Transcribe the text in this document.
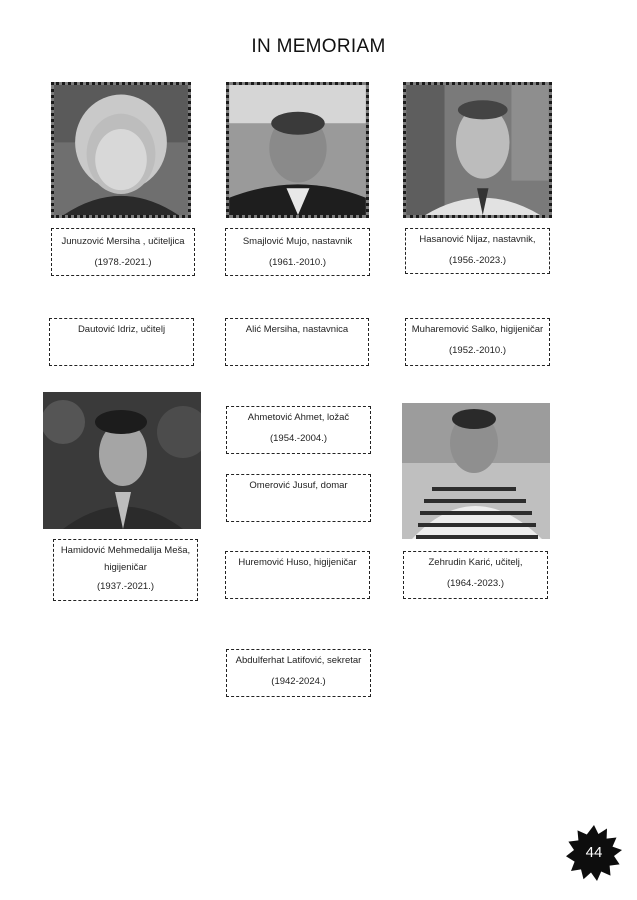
IN MEMORIAM
Junuzović Mersiha , učiteljica
(1978.-2021.)
Smajlović Mujo, nastavnik
(1961.-2010.)
Hasanović Nijaz, nastavnik,
(1956.-2023.)
Dautović Idriz, učitelj	Alić Mersiha, nastavnica	Muharemović Salko, higijeničar
(1952.-2010.)
Ahmetović Ahmet, ložač
(1954.-2004.)
Omerović Jusuf, domar
Hamidović Mehmedalija Meša,
higijeničar
(1937.-2021.)
Huremović Huso, higijeničar	Zehrudin Karić, učitelj,
(1964.-2023.)
Abdulferhat Latifović, sekretar
(1942-2024.)
44
